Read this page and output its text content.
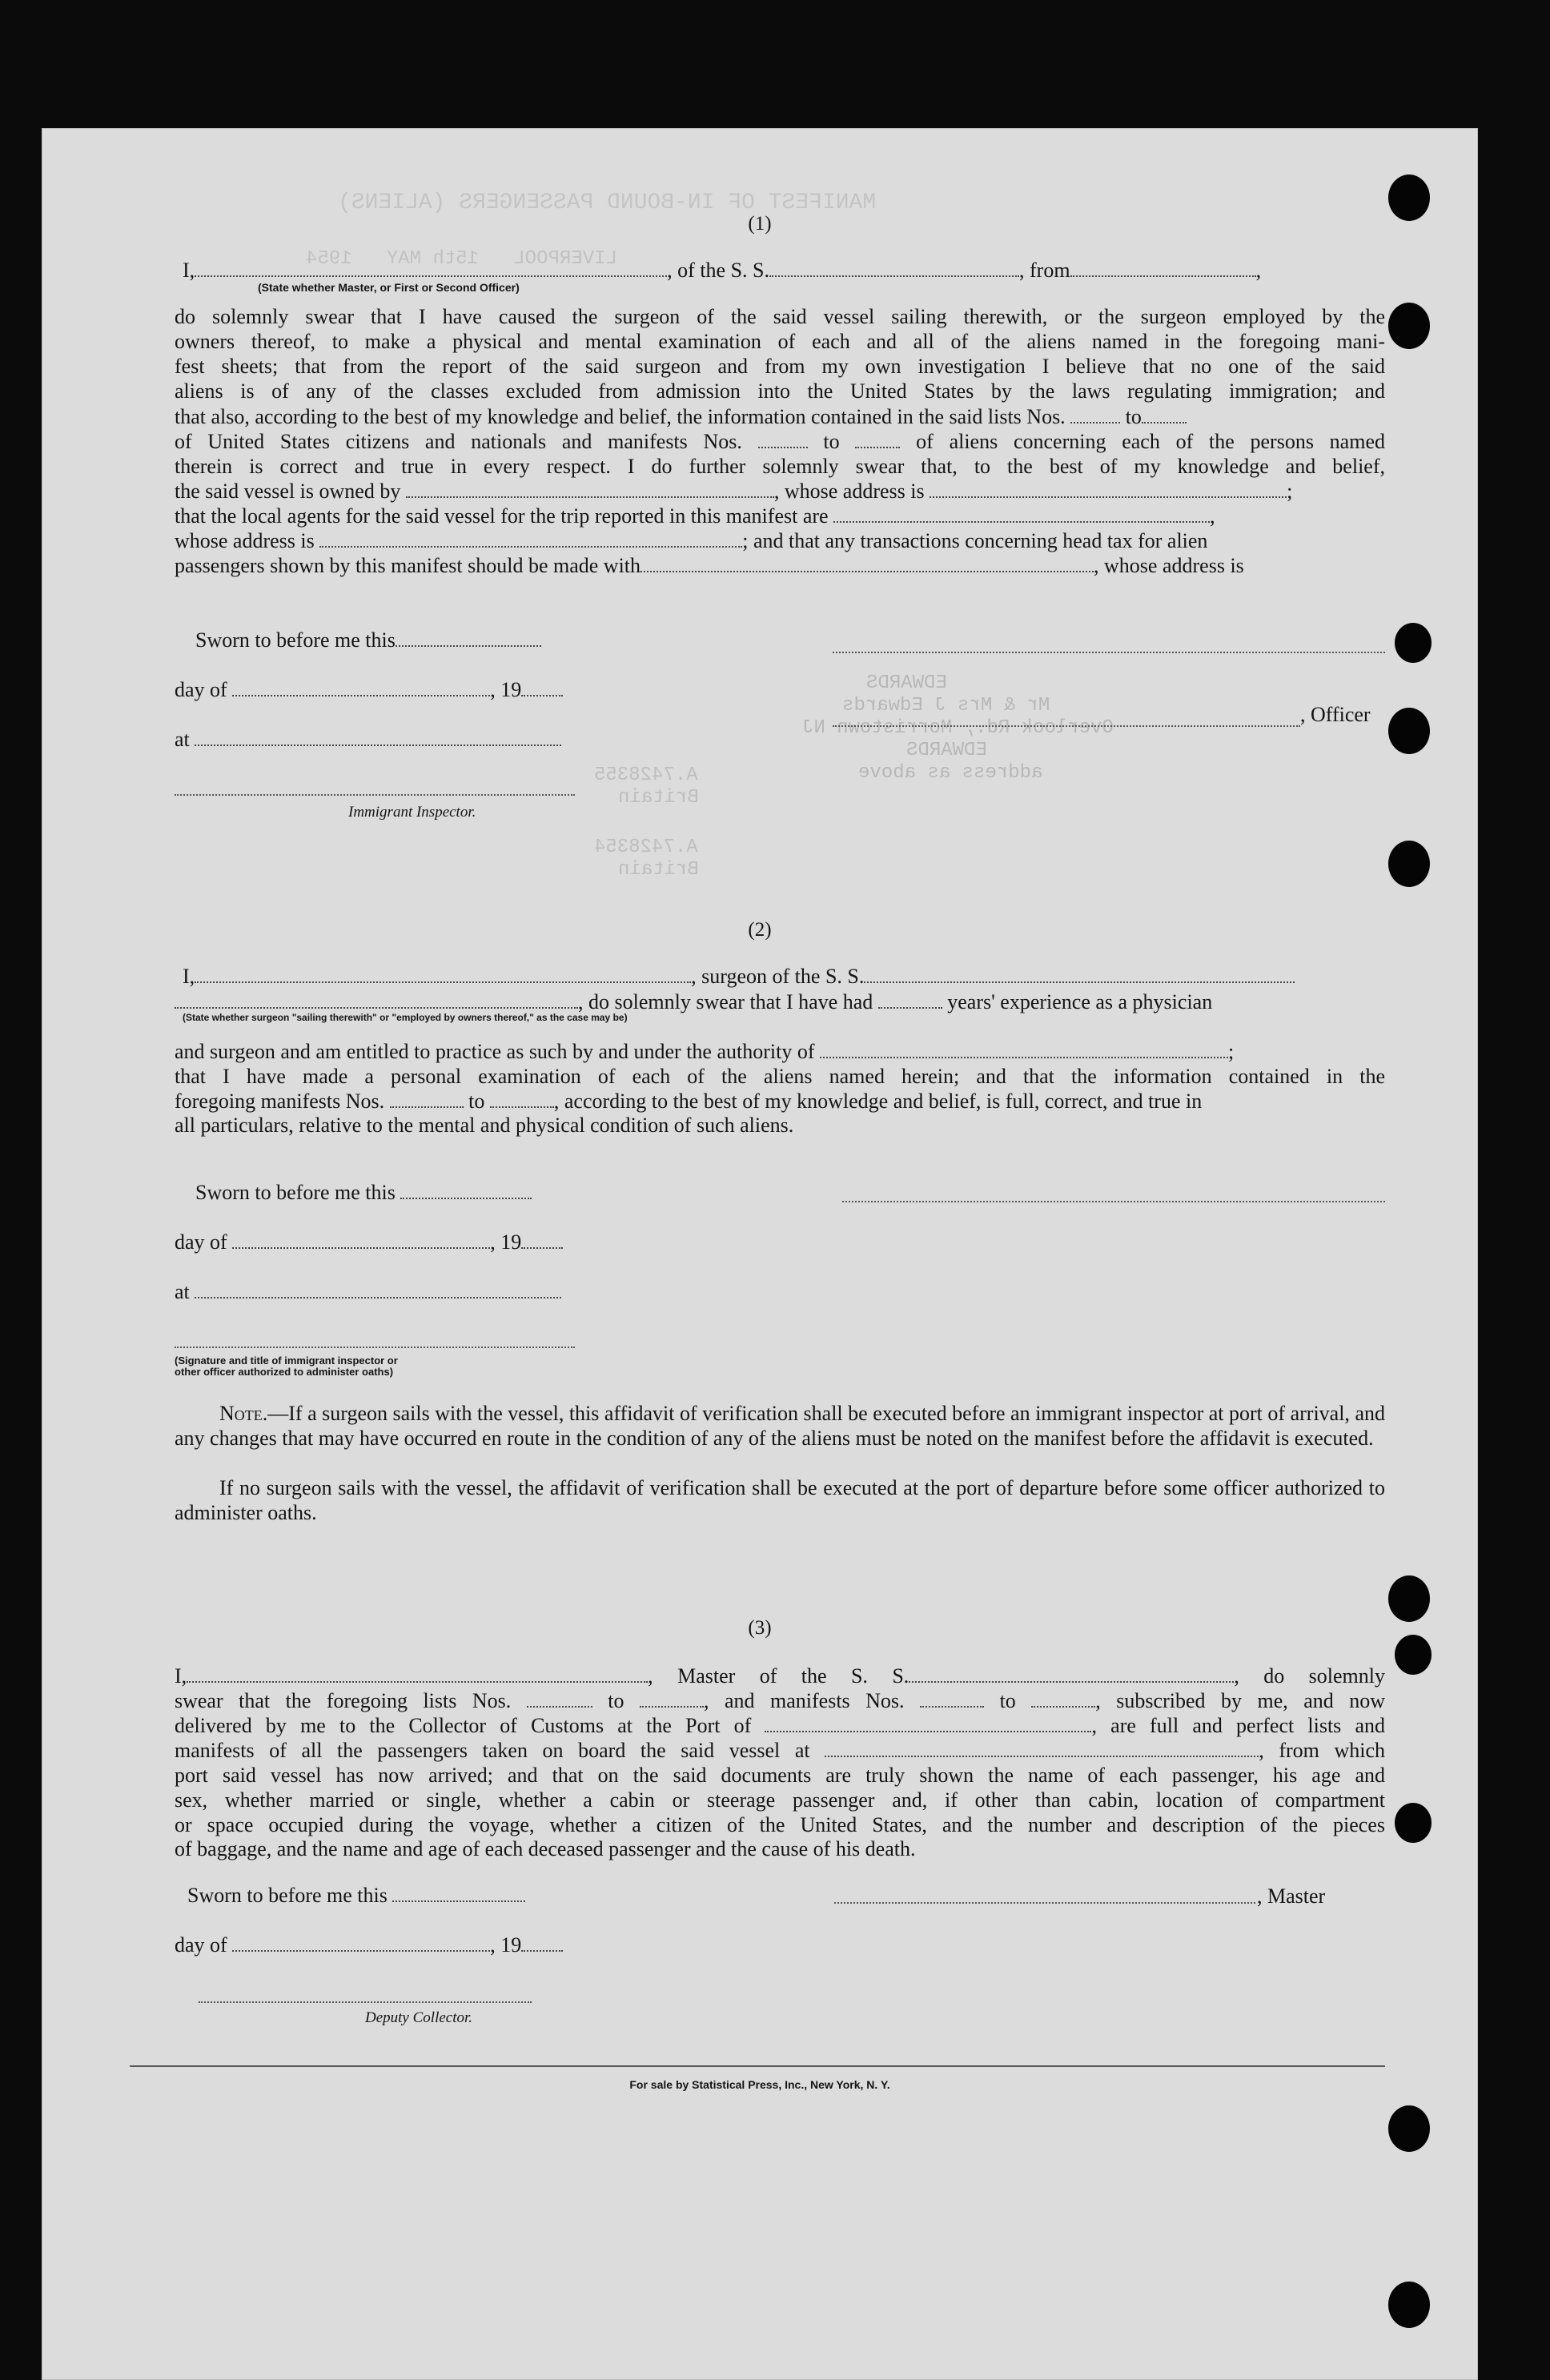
MANIFEST OF IN-BOUND PASSENGERS (ALIENS)
LIVERPOOL   15th MAY   1954
EDWARDS
Mr & Mrs J Edwards
Overlook Rd., Morristown NJ
EDWARDS
address as above
A.7428355
Britain
A.7428354
Britain
(1)
I,	, of the S. S.	, from	,
(State whether Master, or First or Second Officer)
do solemnly swear that I have caused the surgeon of the said vessel sailing therewith, or the surgeon employed by the
owners thereof, to make a physical and mental examination of each and all of the aliens named in the foregoing mani-
fest sheets; that from the report of the said surgeon and from my own investigation I believe that no one of the said
aliens is of any of the classes excluded from admission into the United States by the laws regulating immigration; and
that also, according to the best of my knowledge and belief, the information contained in the said lists Nos.	to
of United States citizens and nationals and manifests Nos.	to	of aliens concerning each of the persons named
therein is correct and true in every respect. I do further solemnly swear that, to the best of my knowledge and belief,
the said vessel is owned by	, whose address is	;
that the local agents for the said vessel for the trip reported in this manifest are	,
whose address is	; and that any transactions concerning head tax for alien
passengers shown by this manifest should be made with	, whose address is
Sworn to before me this
day of	, 19
at
Immigrant Inspector.
, Officer
(2)
I,	, surgeon of the S. S.
, do solemnly swear that I have had	years' experience as a physician
(State whether surgeon "sailing therewith" or "employed by owners thereof," as the case may be)
and surgeon and am entitled to practice as such by and under the authority of	;
that I have made a personal examination of each of the aliens named herein; and that the information contained in the
foregoing manifests Nos.	to	, according to the best of my knowledge and belief, is full, correct, and true in
all particulars, relative to the mental and physical condition of such aliens.
Sworn to before me this
day of	, 19
at
(Signature and title of immigrant inspector or
other officer authorized to administer oaths)
Note.—If a surgeon sails with the vessel, this affidavit of verification shall be executed before an immigrant inspector at port of arrival, and any changes that may have occurred en route in the condition of any of the aliens must be noted on the manifest before the affidavit is executed.
If no surgeon sails with the vessel, the affidavit of verification shall be executed at the port of departure before some officer authorized to administer oaths.
(3)
I,	, Master of the S. S.	, do solemnly
swear that the foregoing lists Nos.	to	, and manifests Nos.	to	, subscribed by me, and now
delivered by me to the Collector of Customs at the Port of	, are full and perfect lists and
manifests of all the passengers taken on board the said vessel at	, from which
port said vessel has now arrived; and that on the said documents are truly shown the name of each passenger, his age and
sex, whether married or single, whether a cabin or steerage passenger and, if other than cabin, location of compartment
or space occupied during the voyage, whether a citizen of the United States, and the number and description of the pieces
of baggage, and the name and age of each deceased passenger and the cause of his death.
Sworn to before me this	, Master
day of	, 19
Deputy Collector.
For sale by Statistical Press, Inc., New York, N. Y.
